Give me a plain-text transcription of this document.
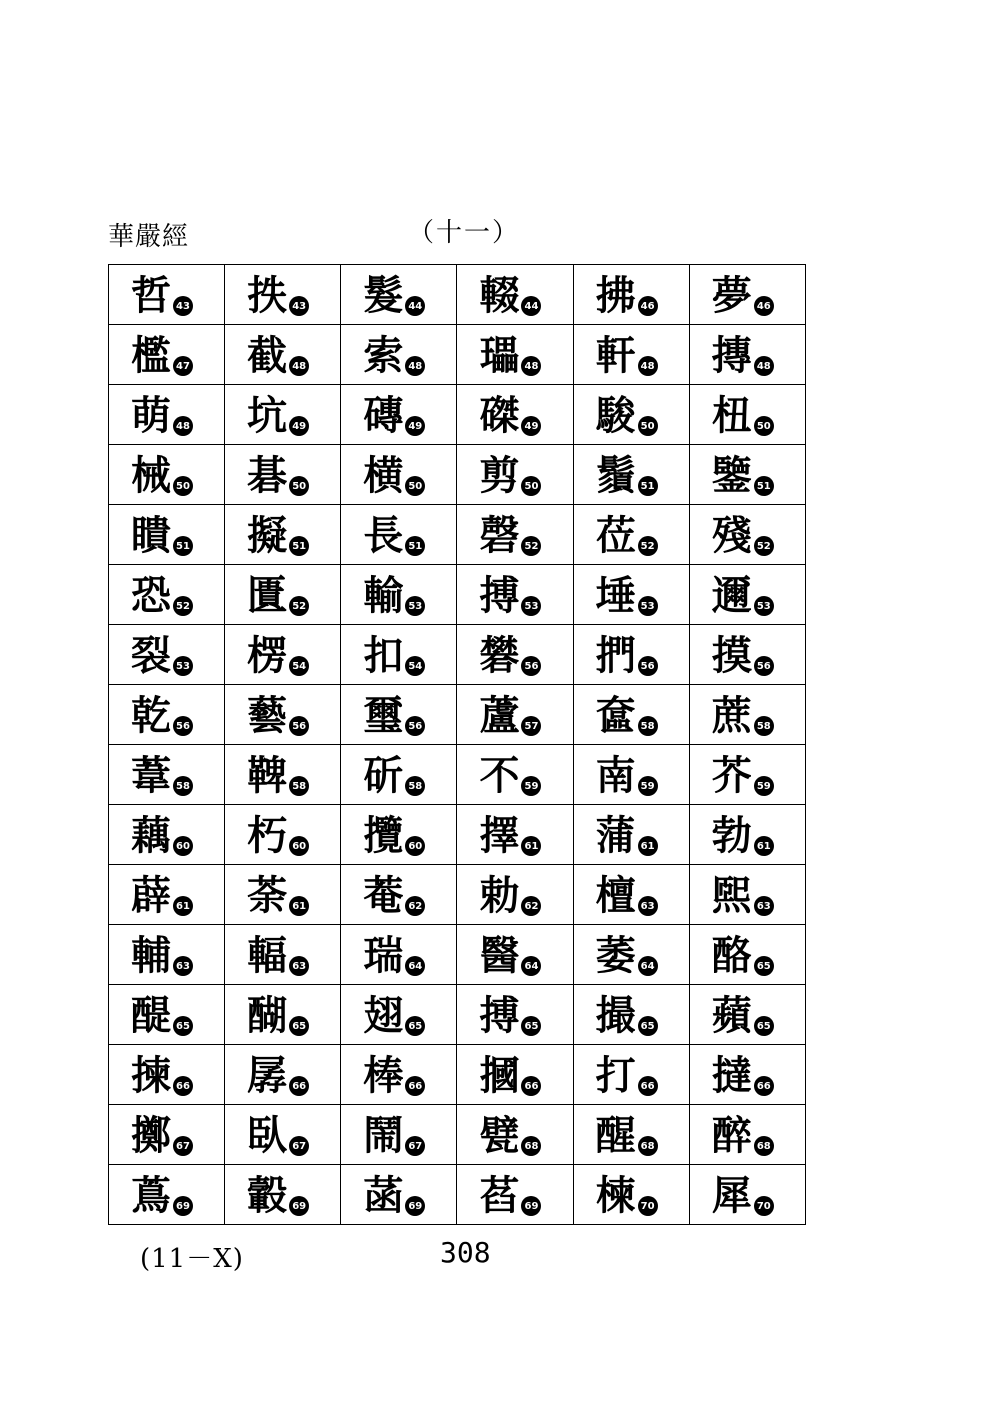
華嚴經	（十一）
哲 43	抶 43	髮 44	輟 44	拂 46	夢 46

檻 47	截 48	索 48	瓃 48	軒 48	摶 48

萌 48	坑 49	磚 49	磔 49	駿 50	杻 50

械 50	碁 50	横 50	剪 50	鬚 51	鑒 51

瞶 51	擬 51	長 51	磬 52	莅 52	殘 52

恐 52	匱 52	輸 53	搏 53	埵 53	邇 53

裂 53	楞 54	扣 54	礬 56	捫 56	摸 56

乾 56	藝 56	璽 56	蘆 57	奩 58	蔗 58

葦 58	鞞 58	斫 58	不 59	南 59	芥 59

藕 60	朽 60	攬 60	擇 61	蒲 61	勃 61

薜 61	荼 61	菴 62	勅 62	檀 63	煕 63

輔 63	輻 63	瑞 64	醫 64	萎 64	酪 65

醍 65	醐 65	翅 65	搏 65	撮 65	蘋 65

揀 66	孱 66	棒 66	摑 66	打 66	撻 66

擲 67	臥 67	鬧 67	甓 68	醒 68	醉 68

蔦 69	轂 69	菡 69	萏 69	楝 70	犀 70
(11－X)	308
